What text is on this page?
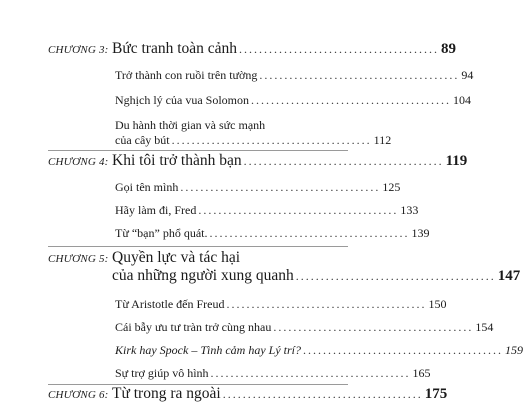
CHƯƠNG 3: Bức tranh toàn cảnh ........................................ 89
Trở thành con ruồi trên tường ........................................ 94
Nghịch lý của vua Solomon ........................................ 104
Du hành thời gian và sức mạnh
của cây bút ........................................ 112
CHƯƠNG 4: Khi tôi trở thành bạn ........................................ 119
Gọi tên mình ........................................ 125
Hãy làm đi, Fred ........................................ 133
Từ “bạn” phổ quát. ........................................ 139
CHƯƠNG 5: Quyền lực và tác hại
của những người xung quanh ........................................ 147
Từ Aristotle đến Freud ........................................ 150
Cái bẫy ưu tư tràn trở cùng nhau ........................................ 154
Kirk hay Spock – Tình cảm hay Lý trí? ........................................ 159
Sự trợ giúp vô hình ........................................ 165
CHƯƠNG 6: Từ trong ra ngoài ........................................ 175
